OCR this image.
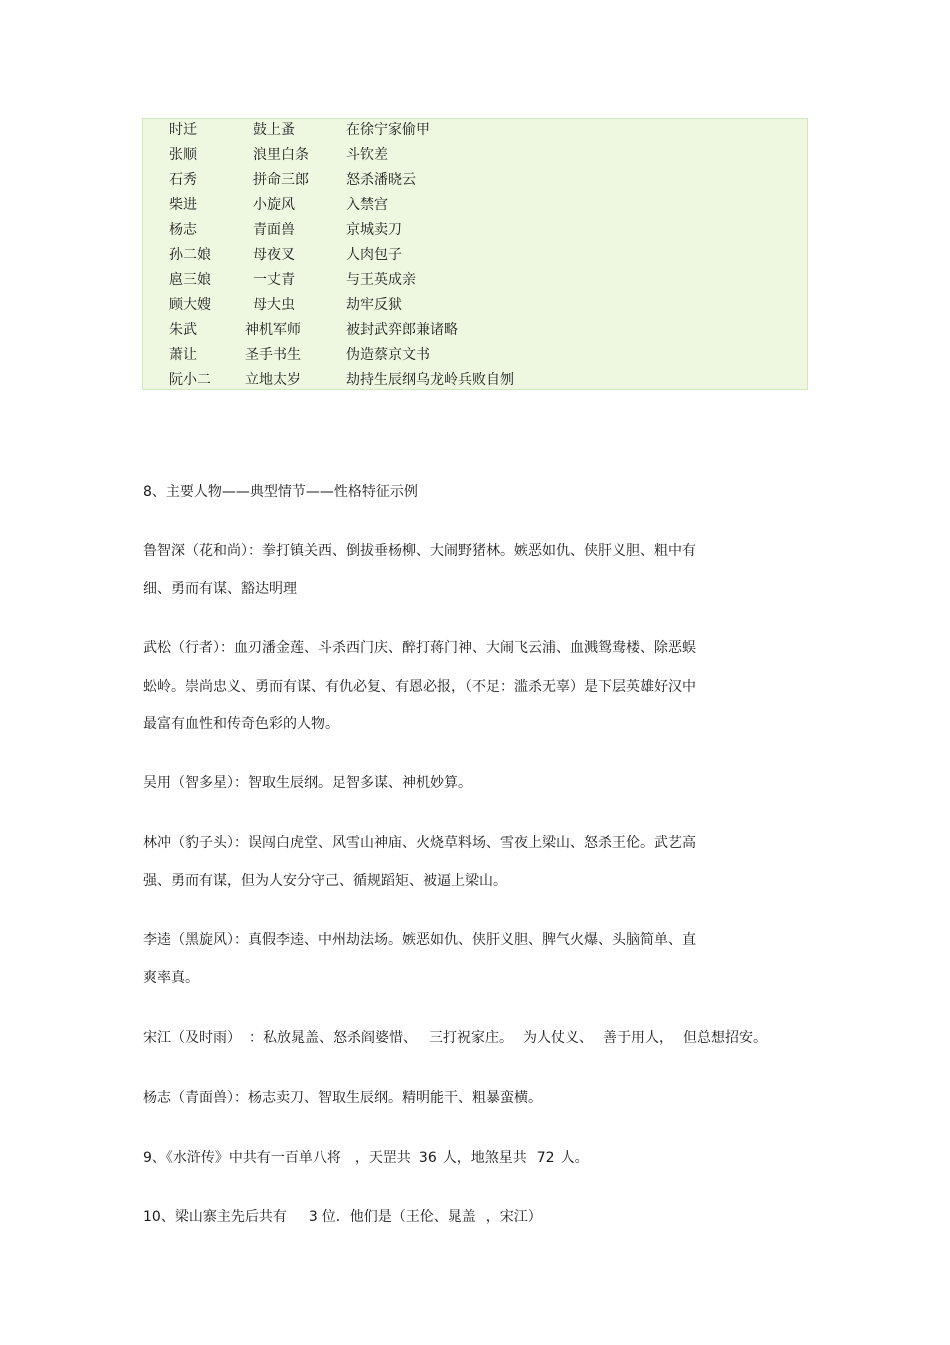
时迁	鼓上蚤	在徐宁家偷甲
张顺	浪里白条	斗钦差
石秀	拼命三郎	怒杀潘晓云
柴进	小旋风	入禁宫
杨志	青面兽	京城卖刀
孙二娘	母夜叉	人肉包子
扈三娘	一丈青	与王英成亲
顾大嫂	母大虫	劫牢反狱
朱武	神机军师	被封武弈郎兼诸略
萧让	圣手书生	伪造蔡京文书
阮小二 立地太岁	劫持生辰纲乌龙岭兵败自刎
8、主要人物——典型情节——性格特征示例
鲁智深（花和尚）：拳打镇关西、倒拔垂杨柳、大闹野猪林。嫉恶如仇、侠肝义胆、粗中有
细、勇而有谋、豁达明理
武松（行者）：血刃潘金莲、斗杀西门庆、醉打蒋门神、大闹飞云浦、血溅鸳鸯楼、除恶蜈
蚣岭。崇尚忠义、勇而有谋、有仇必复、有恩必报，（不足：滥杀无辜）是下层英雄好汉中
最富有血性和传奇色彩的人物。
吴用（智多星）：智取生辰纲。足智多谋、神机妙算。
林冲（豹子头）：误闯白虎堂、风雪山神庙、火烧草料场、雪夜上梁山、怒杀王伦。武艺高
强、勇而有谋，但为人安分守己、循规蹈矩、被逼上梁山。
李逵（黑旋风）：真假李逵、中州劫法场。嫉恶如仇、侠肝义胆、脾气火爆、头脑简单、直
爽率真。
宋江（及时雨） ：私放晁盖、怒杀阎婆惜、 三打祝家庄。 为人仗义、 善于用人， 但总想招安。
杨志（青面兽）：杨志卖刀、智取生辰纲。精明能干、粗暴蛮横。
9、《水浒传》中共有一百单八将 ，天罡共 36 人，地煞星共 72 人。
10、梁山寨主先后共有 3 位．他们是（王伦、晁盖 ，宋江）
